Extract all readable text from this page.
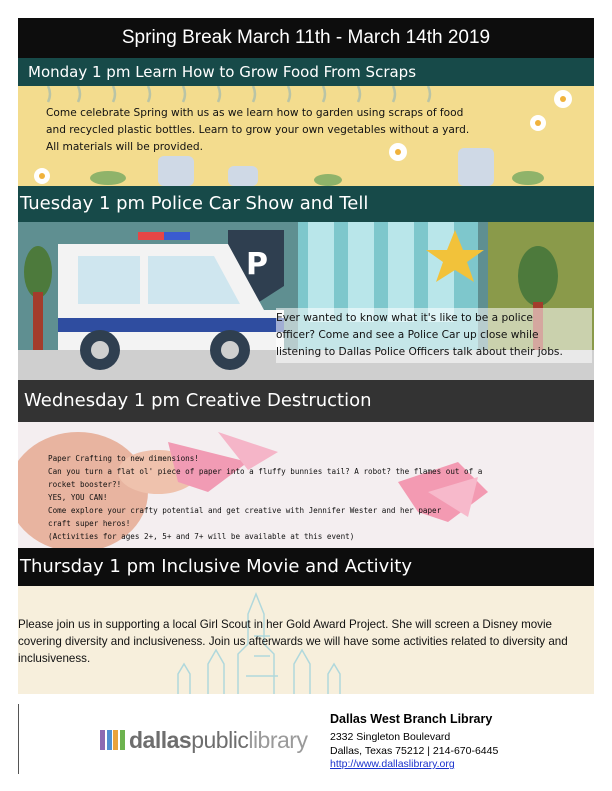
Spring Break March 11th - March 14th 2019
Monday 1 pm Learn How to Grow Food From Scraps
Come celebrate Spring with us as we learn how to garden using scraps of food
and recycled plastic bottles. Learn to grow your own vegetables without a yard.
All materials will be provided.
Tuesday 1 pm Police Car Show and Tell
P
Ever wanted to know what it's like to be a police
officer? Come and see a Police Car up close while
listening to Dallas Police Officers talk about their jobs.
Wednesday 1 pm Creative Destruction
Paper Crafting to new dimensions!
Can you turn a flat ol' piece of paper into a fluffy bunnies tail? A robot? the flames out of a
rocket booster?!
YES, YOU CAN!
Come explore your crafty potential and get creative with Jennifer Wester and her paper
craft super heros!
(Activities for ages 2+, 5+ and 7+ will be available at this event)
Thursday 1 pm Inclusive Movie and Activity
Please join us in supporting a local Girl Scout in her Gold Award Project. She will screen a Disney movie covering diversity and inclusiveness. Join us afterwards we will have some activities related to diversity and inclusiveness.
dallaspubliclibrary
Dallas West Branch Library
2332 Singleton Boulevard
Dallas, Texas 75212 | 214-670-6445
http://www.dallaslibrary.org
